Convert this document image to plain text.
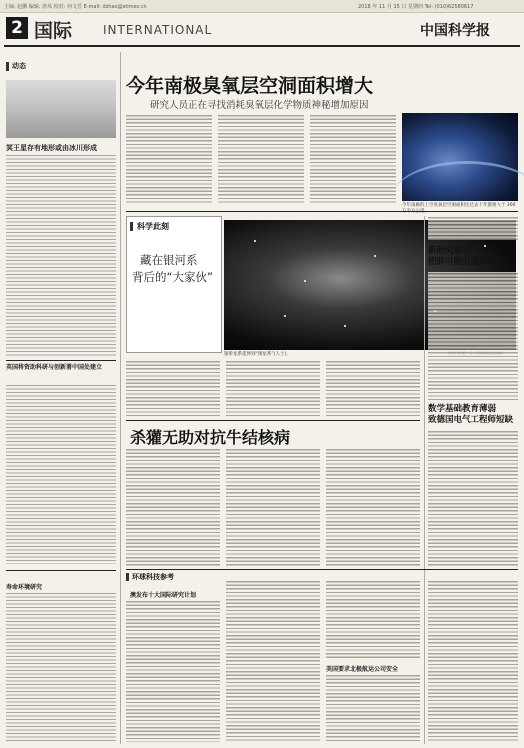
主编: 赵鹏 编辑: 唐凤 校对: 何文芳 E-mail: dzhao@stimes.cn	2018 年 11 月 15 日 星期四 Tel: (010)62580617
2 国际	INTERNATIONAL	中国科学报
动态
冥王星存有地形或由冰川形成
英国将资助科研与创新署中国处建立
寿命环境研究
今年南极臭氧层空洞面积增大
研究人员正在寻找消耗臭氧层化学物质神秘增加原因
今年南极的上空臭氧层空洞面积比过去十年都要大于 300
科学此刻
藏在银河系
背后的“大家伙”
银晕星系延伸到“矮星系”(人士)。
杀獾无助对抗牛结核病
新研究显示
肥胖可能引发抑郁
数学基础教育薄弱
致德国电气工程师短缺
环球科技参考
澳发布十大国际研究计划
美国要求北极航运公司安全
